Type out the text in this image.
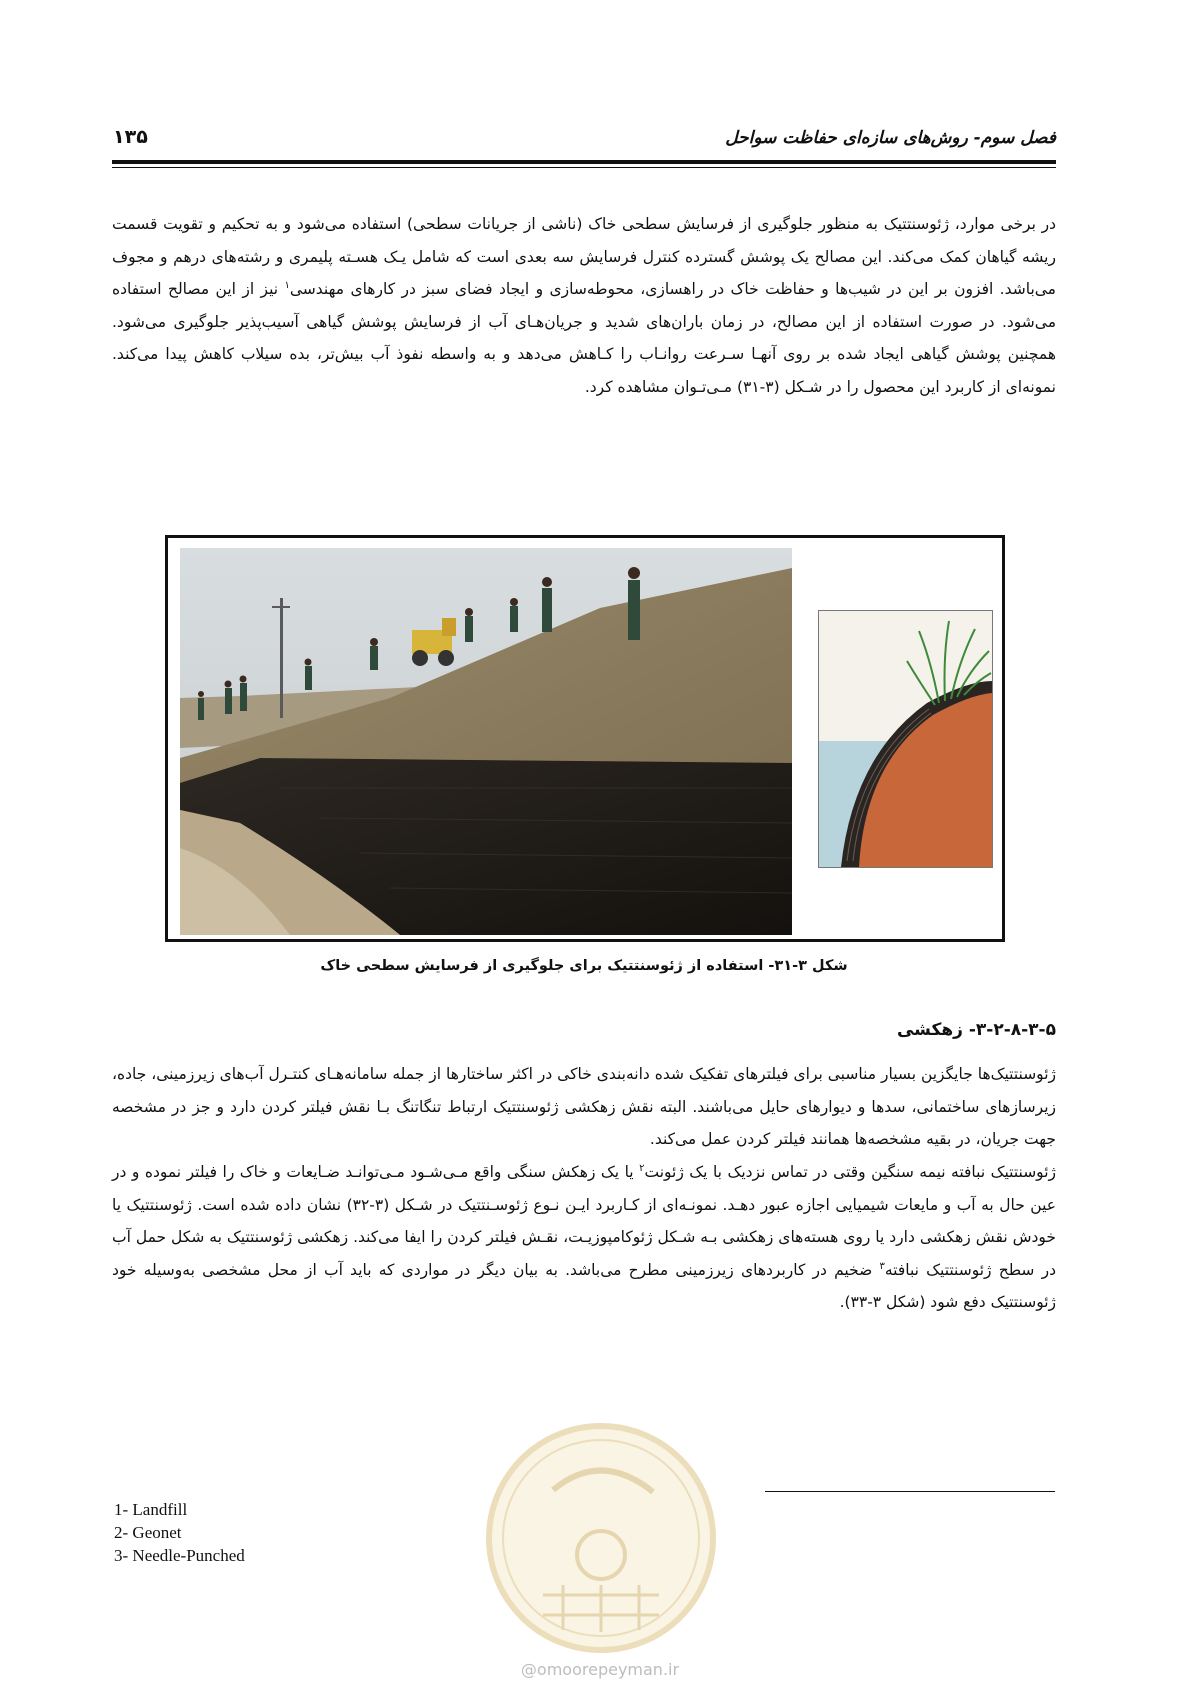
فصل سوم- روش‌های سازه‌ای حفاظت سواحل
۱۳۵
در برخی موارد، ژئوسنتتیک به منظور جلوگیری از فرسایش سطحی خاک (ناشی از جریانات سطحی) استفاده می‌شود و به تحکیم و تقویت قسمت ریشه گیاهان کمک می‌کند. این مصالح یک پوشش گسترده کنترل فرسایش سه بعدی است که شامل یـک هسـته پلیمری و رشته‌های درهم و مجوف می‌باشد. افزون بر این در شیب‌ها و حفاظت خاک در راهسازی، محوطه‌سازی و ایجاد فضای سبز در کارهای مهندسی$^۱$ نیز از این مصالح استفاده می‌شود. در صورت استفاده از این مصالح، در زمان باران‌های شدید و جریان‌هـای آب از فرسایش پوشش گیاهی آسیب‌پذیر جلوگیری می‌شود. همچنین پوشش گیاهی ایجاد شده بر روی آنهـا سـرعت روانـاب را کـاهش می‌دهد و به واسطه نفوذ آب بیش‌تر، بده سیلاب کاهش پیدا می‌کند. نمونه‌ای از کاربرد این محصول را در شـکل (۳-۳۱) مـی‌تـوان مشاهده کرد.
شکل ۳-۳۱- استفاده از ژئوسنتتیک برای جلوگیری از فرسایش سطحی خاک
۳-۲-۸-۳-۵- زهکشی
ژئوسنتتیک‌ها جایگزین بسیار مناسبی برای فیلترهای تفکیک شده دانه‌بندی خاکی در اکثر ساختارها از جمله سامانه‌هـای کنتـرل آب‌های زیرزمینی، جاده، زیرسازهای ساختمانی، سدها و دیوارهای حایل می‌باشند. البته نقش زهکشی ژئوسنتتیک ارتباط تنگاتنگ بـا نقش فیلتر کردن دارد و جز در مشخصه جهت جریان، در بقیه مشخصه‌ها همانند فیلتر کردن عمل می‌کند.
ژئوسنتتیک نبافته نیمه سنگین وقتی در تماس نزدیک با یک ژئونت$^۲$ یا یک زهکش سنگی واقع مـی‌شـود مـی‌توانـد ضـایعات و خاک را فیلتر نموده و در عین حال به آب و مایعات شیمیایی اجازه عبور دهـد. نمونـه‌ای از کـاربرد ایـن نـوع ژئوسـنتتیک در شـکل (۳-۳۲) نشان داده شده است. ژئوسنتتیک یا خودش نقش زهکشی دارد یا روی هسته‌های زهکشی بـه شـکل ژئوکامپوزیـت، نقـش فیلتر کردن را ایفا می‌کند. زهکشی ژئوسنتتیک به شکل حمل آب در سطح ژئوسنتتیک نبافته$^۳$ ضخیم در کاربردهای زیرزمینی مطرح می‌باشد. به بیان دیگر در مواردی که باید آب از محل مشخصی به‌وسیله خود ژئوسنتتیک دفع شود (شکل ۳-۳۳).
@omoorepeyman.ir
1- Landfill
2- Geonet
3- Needle-Punched
